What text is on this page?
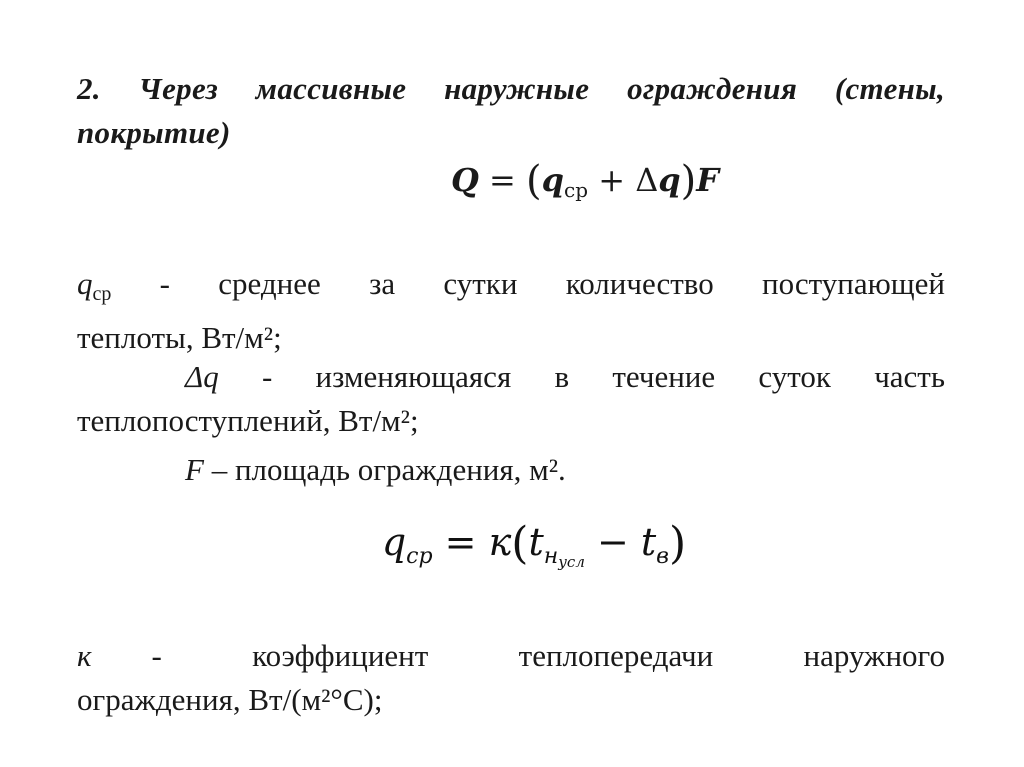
2. Через массивные наружные ограждения (стены,
покрытие)
$Q = (q_{ср} + \Delta q)F$
$q_{ср}$ - среднее за сутки количество поступающей
теплоты, Вт/м²;
Δq - изменяющаяся в течение суток часть
теплопоступлений, Вт/м²;
F – площадь ограждения, м².
$q_{ср} = к(t_{н_{усл}} - t_в)$
к - коэффициент теплопередачи наружного
ограждения, Вт/(м²°С);
